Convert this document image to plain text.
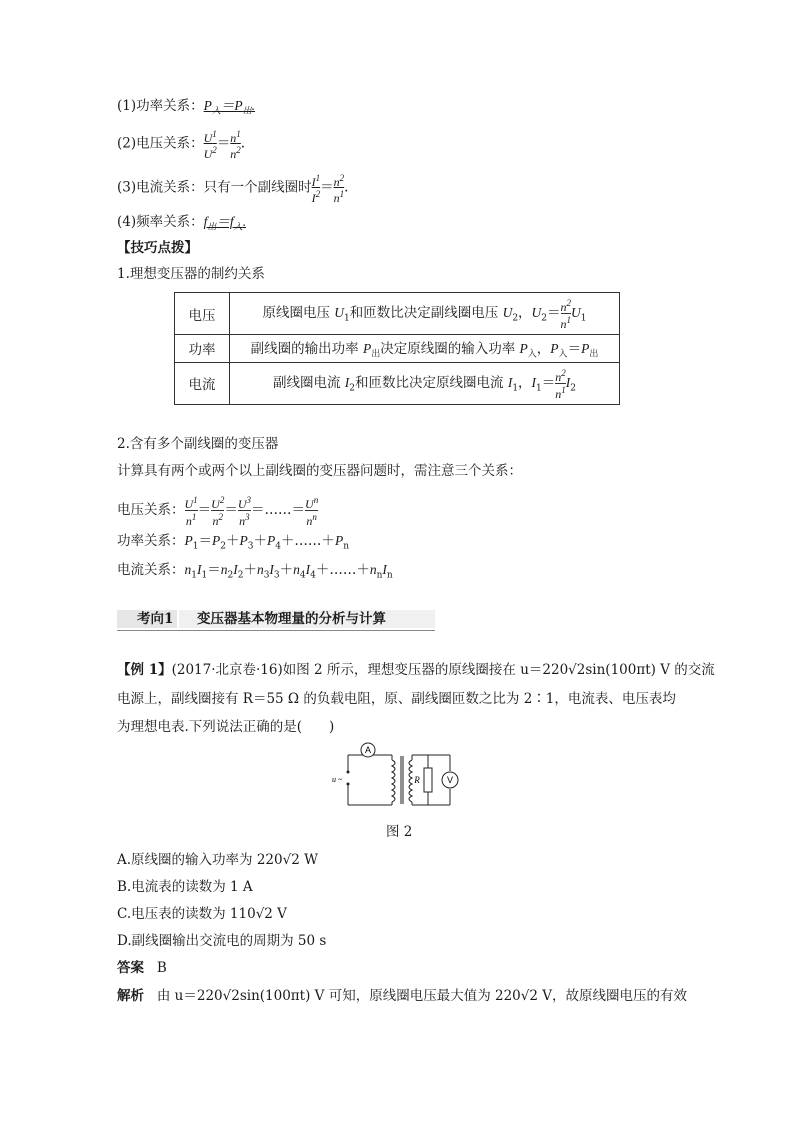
(1)功率关系：$P_入=P_出$.
(2)电压关系： $\frac{U^1}{U^2} = \frac{n^1}{n^2}$ .
(3)电流关系：只有一个副线圈时 $\frac{I^1}{I^2} = \frac{n^2}{n^1}$ .
(4)频率关系：$f_出=f_入$.
【技巧点拨】
1.理想变压器的制约关系
电压	原线圈电压 $U_1$和匝数比决定副线圈电压 $U_2$，$U_2= \frac{n^2}{n^1} U_1$
功率	副线圈的输出功率 $P_出$决定原线圈的输入功率 $P_入$，$P_入=P_出$
电流	副线圈电流 $I_2$和匝数比决定原线圈电流 $I_1$，$I_1= \frac{n^2}{n^1} I_2$
2.含有多个副线圈的变压器
计算具有两个或两个以上副线圈的变压器问题时，需注意三个关系：
电压关系： $\frac{U^1}{n^1} = \frac{U^2}{n^2} = \frac{U^3}{n^3}$ ＝……＝ $\frac{U^n}{n^n}$
功率关系：$P_1=P_2+P_3+P_4+\dots\dots+P_n$
电流关系：$n_1I_1=n_2I_2+n_3I_3+n_4I_4+\dots\dots+n_nI_n$
考向1 变压器基本物理量的分析与计算
【例 1】(2017·北京卷·16)如图 2 所示，理想变压器的原线圈接在 u＝220√2sin(100πt) V 的交流
电源上，副线圈接有 R＝55 Ω 的负载电阻，原、副线圈匝数之比为 2∶1，电流表、电压表均
为理想电表.下列说法正确的是(　　)
A
V
R
u ~
图 2
A.原线圈的输入功率为 220√2 W
B.电流表的读数为 1 A
C.电压表的读数为 110√2 V
D.副线圈输出交流电的周期为 50 s
答案 B
解析 由 u＝220√2sin(100πt) V 可知，原线圈电压最大值为 220√2 V，故原线圈电压的有效
